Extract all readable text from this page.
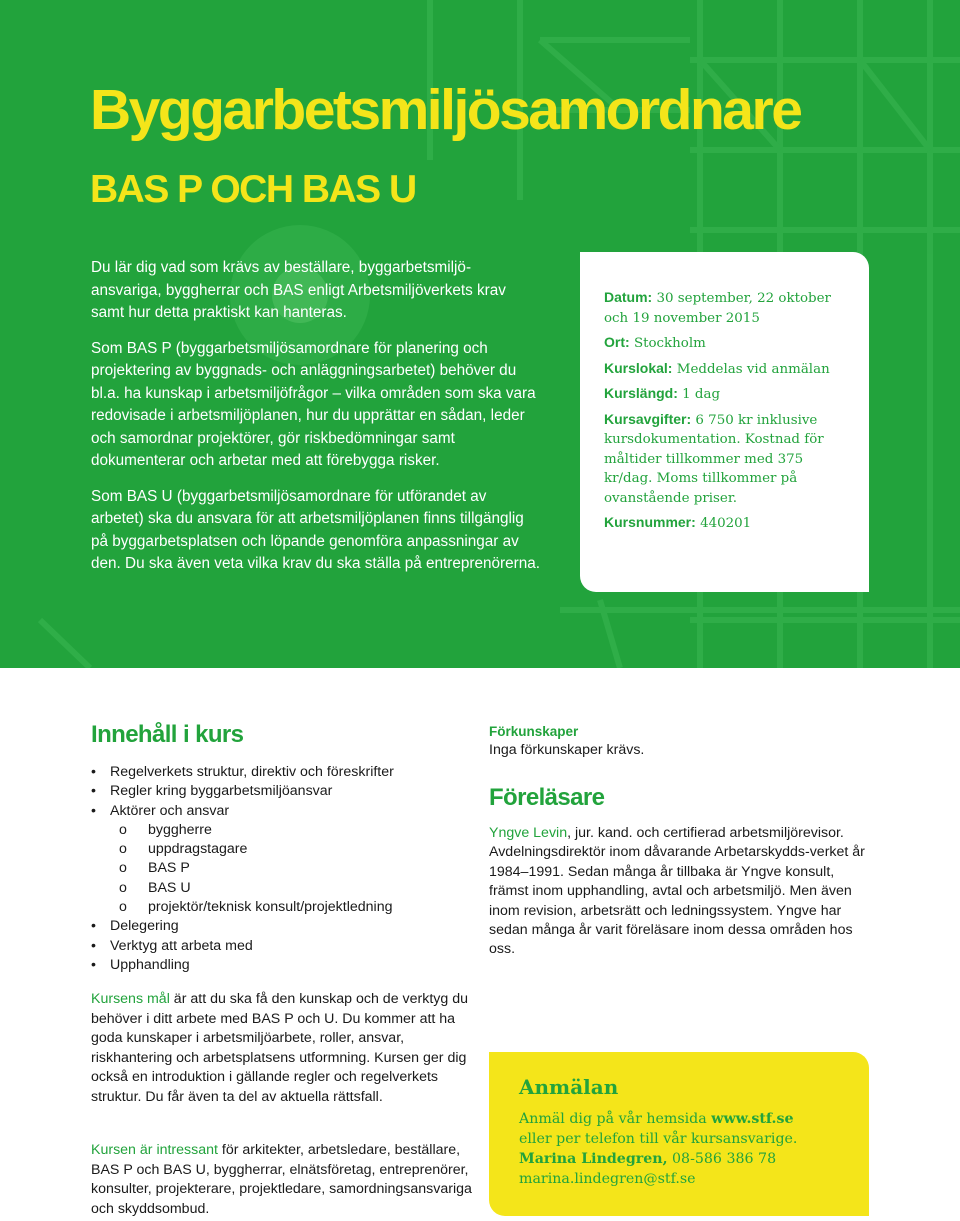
Byggarbetsmiljösamordnare
BAS P OCH BAS U

Du lär dig vad som krävs av beställare, byggarbetsmiljö-ansvariga, byggherrar och BAS enligt Arbetsmiljöverkets krav samt hur detta praktiskt kan hanteras.

Som BAS P (byggarbetsmiljösamordnare för planering och projektering av byggnads- och anläggningsarbetet) behöver du bl.a. ha kunskap i arbetsmiljöfrågor – vilka områden som ska vara redovisade i arbetsmiljöplanen, hur du upprättar en sådan, leder och samordnar projektörer, gör riskbedömningar samt dokumenterar och arbetar med att förebygga risker.

Som BAS U (byggarbetsmiljösamordnare för utförandet av arbetet) ska du ansvara för att arbetsmiljöplanen finns tillgänglig på byggarbetsplatsen och löpande genomföra anpassningar av den. Du ska även veta vilka krav du ska ställa på entreprenörerna.

Datum: 30 september, 22 oktober och 19 november 2015
Ort: Stockholm
Kurslokal: Meddelas vid anmälan
Kurslängd: 1 dag
Kursavgifter: 6 750 kr inklusive kursdokumentation. Kostnad för måltider tillkommer med 375 kr/dag. Moms tillkommer på ovanstående priser.
Kursnummer: 440201
Innehåll i kurs
• Regelverkets struktur, direktiv och föreskrifter
• Regler kring byggarbetsmiljöansvar
• Aktörer och ansvar
o byggherre
o uppdragstagare
o BAS P
o BAS U
o projektör/teknisk konsult/projektledning
• Delegering
• Verktyg att arbeta med
• Upphandling

Kursens mål är att du ska få den kunskap och de verktyg du behöver i ditt arbete med BAS P och U. Du kommer att ha goda kunskaper i arbetsmiljöarbete, roller, ansvar, riskhantering och arbetsplatsens utformning. Kursen ger dig också en introduktion i gällande regler och regelverkets struktur. Du får även ta del av aktuella rättsfall.

Kursen är intressant för arkitekter, arbetsledare, beställare, BAS P och BAS U, byggherrar, elnätsföretag, entreprenörer, konsulter, projekterare, projektledare, samordningsansvariga och skyddsombud.

Förkunskaper
Inga förkunskaper krävs.
Föreläsare

Yngve Levin, jur. kand. och certifierad arbetsmiljörevisor. Avdelningsdirektör inom dåvarande Arbetarskydds-verket år 1984–1991. Sedan många år tillbaka är Yngve konsult, främst inom upphandling, avtal och arbetsmiljö. Men även inom revision, arbetsrätt och ledningssystem. Yngve har sedan många år varit föreläsare inom dessa områden hos oss.

Anmälan
Anmäl dig på vår hemsida www.stf.se
eller per telefon till vår kursansvarige.
Marina Lindegren, 08-586 386 78
marina.lindegren@stf.se
